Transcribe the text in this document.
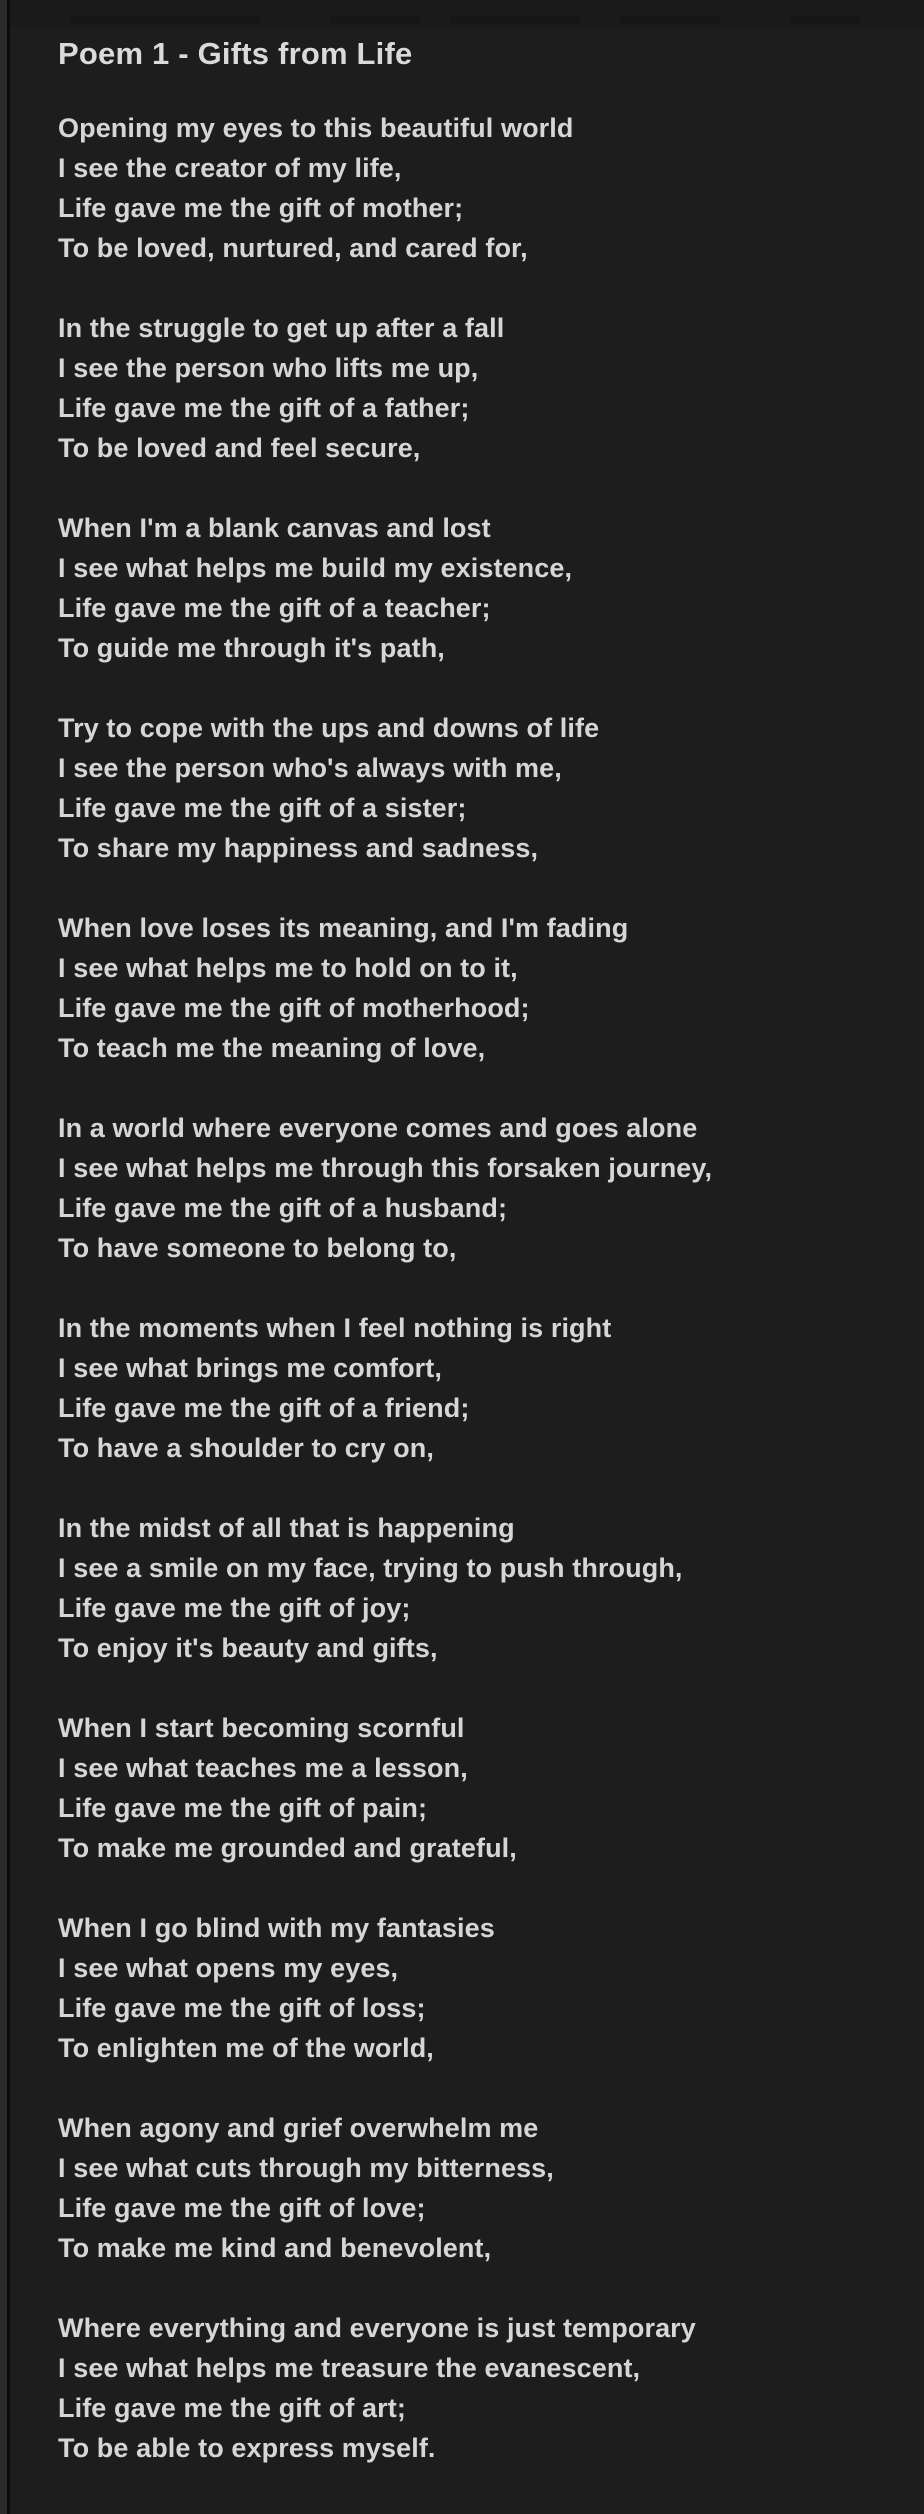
Poem 1 - Gifts from Life
Opening my eyes to this beautiful world
I see the creator of my life,
Life gave me the gift of mother;
To be loved, nurtured, and cared for,
In the struggle to get up after a fall
I see the person who lifts me up,
Life gave me the gift of a father;
To be loved and feel secure,
When I'm a blank canvas and lost
I see what helps me build my existence,
Life gave me the gift of a teacher;
To guide me through it's path,
Try to cope with the ups and downs of life
I see the person who's always with me,
Life gave me the gift of a sister;
To share my happiness and sadness,
When love loses its meaning, and I'm fading
I see what helps me to hold on to it,
Life gave me the gift of motherhood;
To teach me the meaning of love,
In a world where everyone comes and goes alone
I see what helps me through this forsaken journey,
Life gave me the gift of a husband;
To have someone to belong to,
In the moments when I feel nothing is right
I see what brings me comfort,
Life gave me the gift of a friend;
To have a shoulder to cry on,
In the midst of all that is happening
I see a smile on my face, trying to push through,
Life gave me the gift of joy;
To enjoy it's beauty and gifts,
When I start becoming scornful
I see what teaches me a lesson,
Life gave me the gift of pain;
To make me grounded and grateful,
When I go blind with my fantasies
I see what opens my eyes,
Life gave me the gift of loss;
To enlighten me of the world,
When agony and grief overwhelm me
I see what cuts through my bitterness,
Life gave me the gift of love;
To make me kind and benevolent,
Where everything and everyone is just temporary
I see what helps me treasure the evanescent,
Life gave me the gift of art;
To be able to express myself.
